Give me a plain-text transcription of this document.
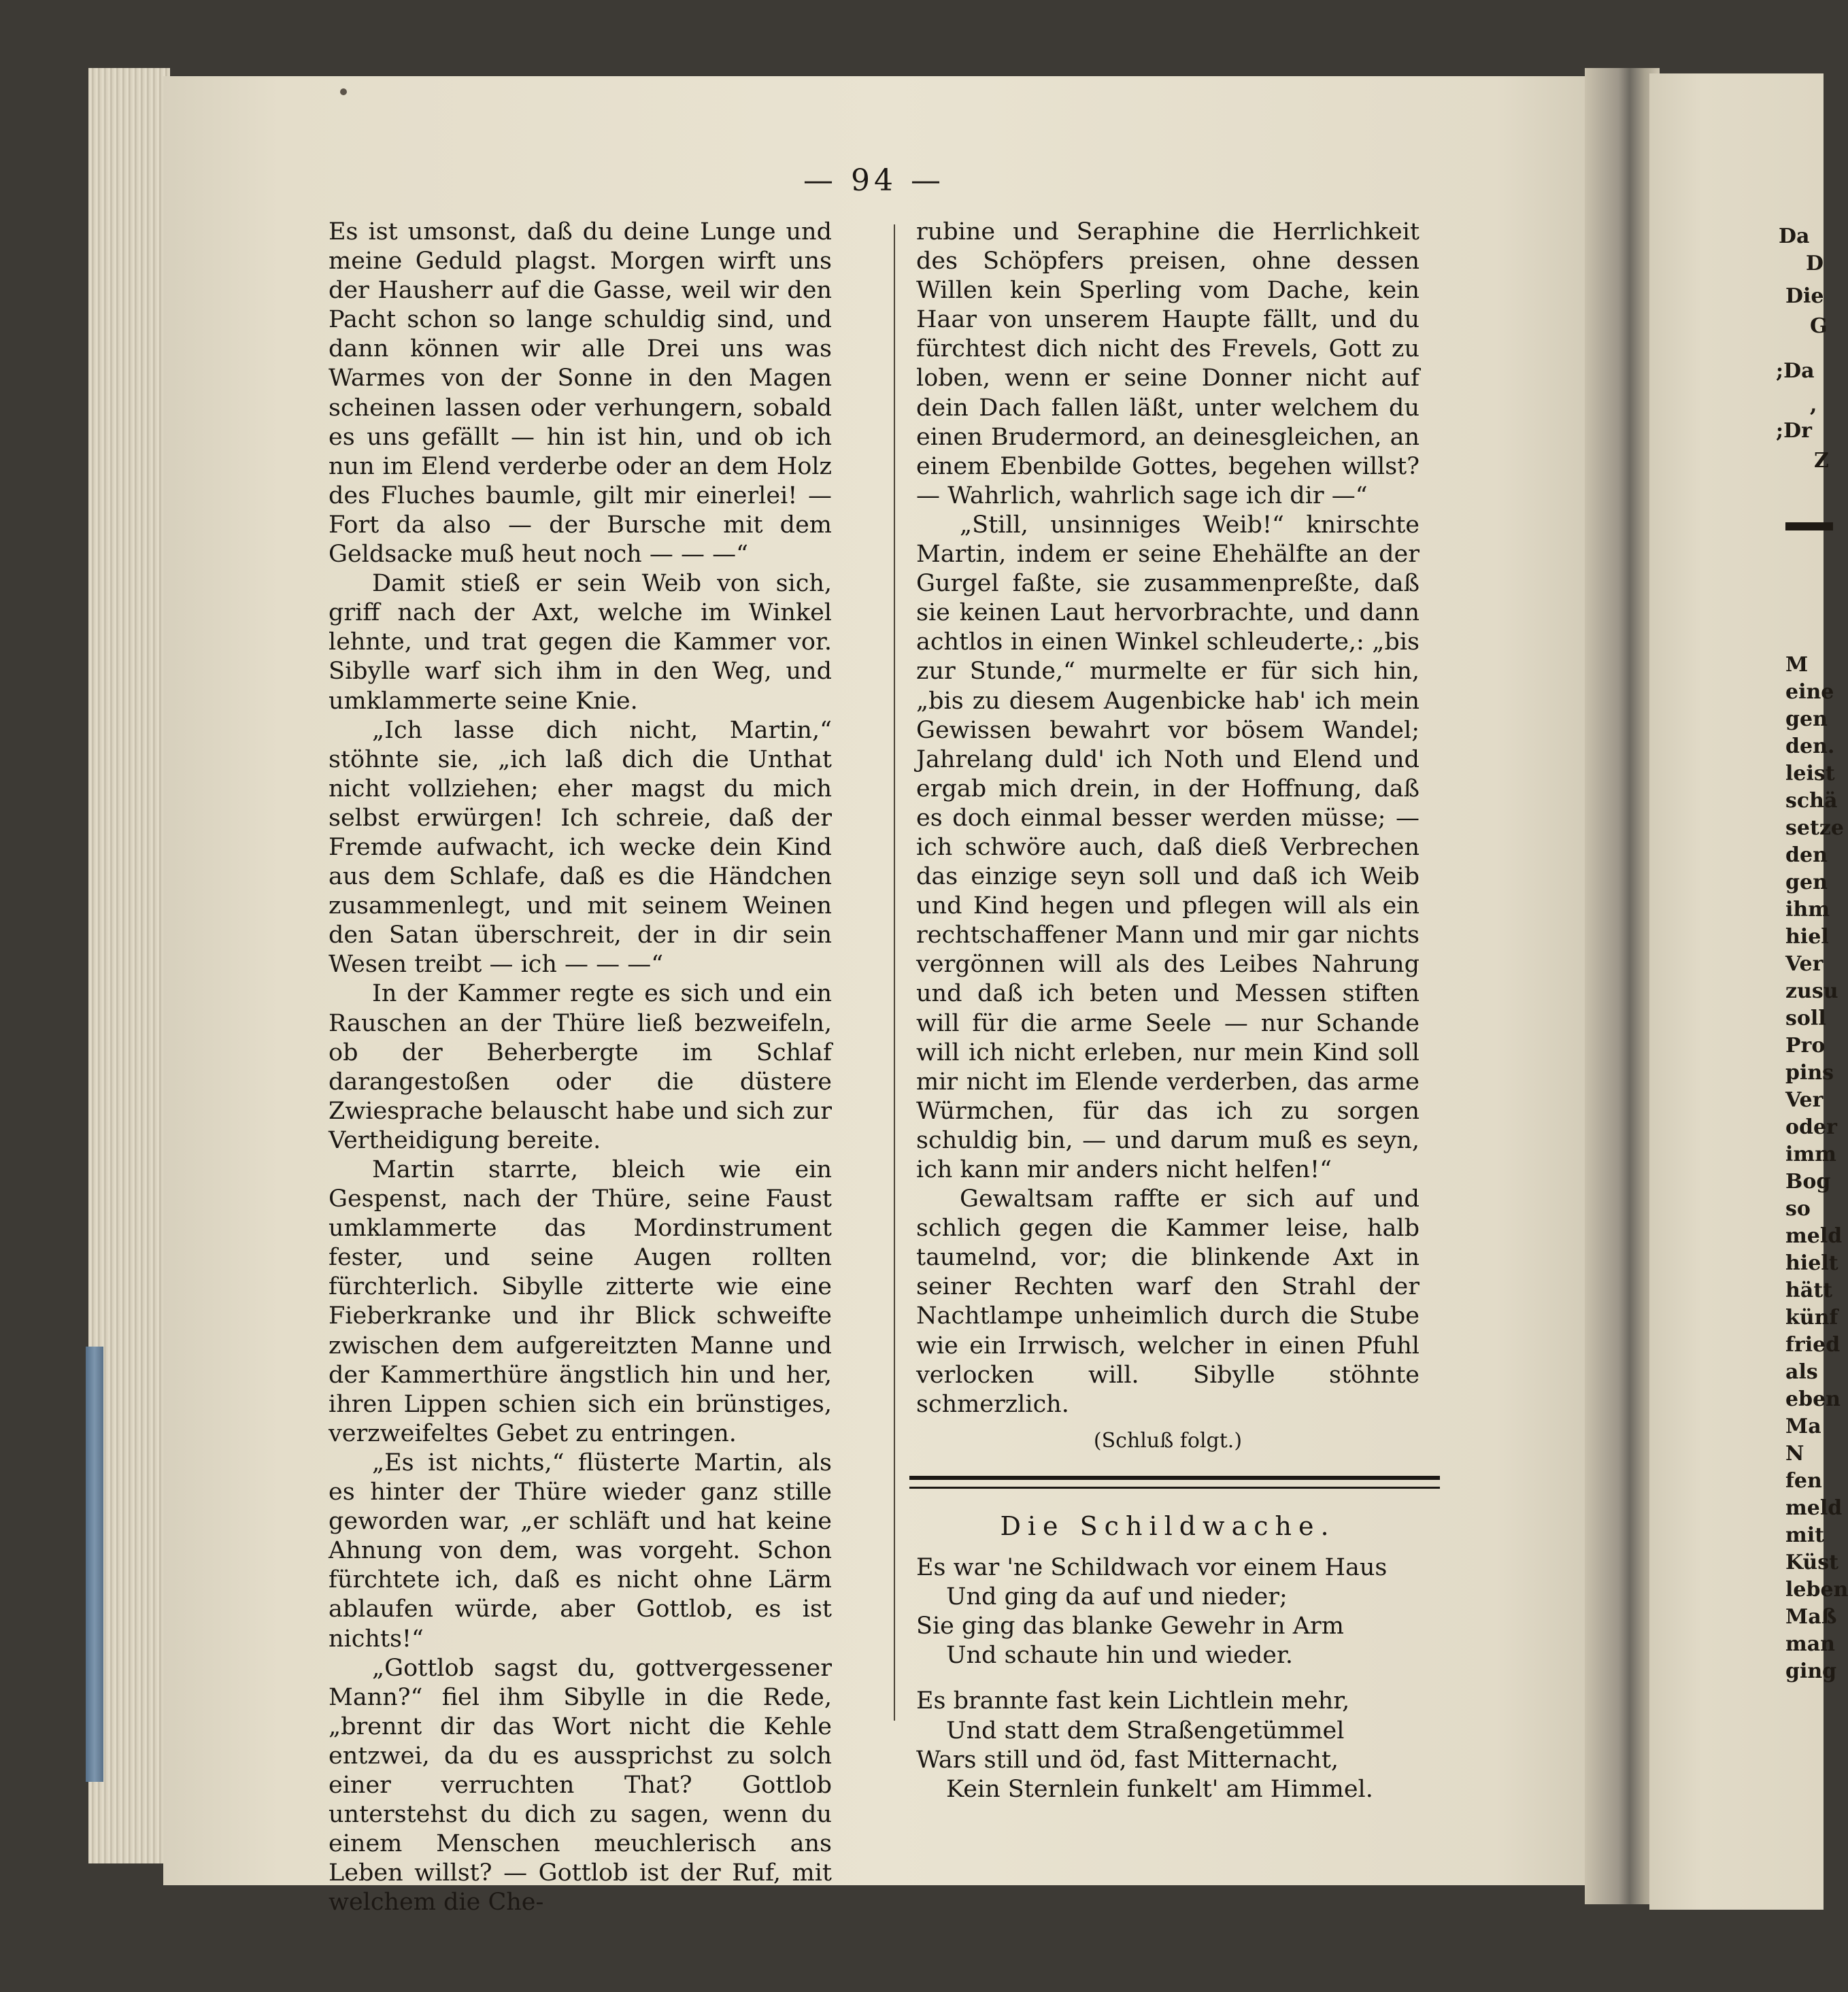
Da
D
Die
G
;Da
,
;Dr
Z
M
eine
gen
den.
leist
schä
setze
den
gen
ihm
hiel
Ver
zusu
soll
Pro
pins
Ver
oder
imm
Bog
so
meld
hielt
hätt
künf
fried
als
eben
Ma
N
fen
meld
mit
Küst
leben
Maß
man
ging
— 94 —

Es ist umsonst, daß du deine Lunge und meine Geduld plagst. Morgen wirft uns der Hausherr auf die Gasse, weil wir den Pacht schon so lange schuldig sind, und dann können wir alle Drei uns was Warmes von der Sonne in den Magen scheinen lassen oder verhungern, sobald es uns gefällt — hin ist hin, und ob ich nun im Elend verderbe oder an dem Holz des Fluches baumle, gilt mir einerlei! — Fort da also — der Bursche mit dem Geldsacke muß heut noch — — —“

Damit stieß er sein Weib von sich, griff nach der Axt, welche im Winkel lehnte, und trat gegen die Kammer vor. Sibylle warf sich ihm in den Weg, und umklammerte seine Knie.

„Ich lasse dich nicht, Martin,“ stöhnte sie, „ich laß dich die Unthat nicht vollziehen; eher magst du mich selbst erwürgen! Ich schreie, daß der Fremde aufwacht, ich wecke dein Kind aus dem Schlafe, daß es die Händchen zusammenlegt, und mit seinem Weinen den Satan überschreit, der in dir sein Wesen treibt — ich — — —“

In der Kammer regte es sich und ein Rauschen an der Thüre ließ bezweifeln, ob der Beherbergte im Schlaf darangestoßen oder die düstere Zwiesprache belauscht habe und sich zur Vertheidigung bereite.

Martin starrte, bleich wie ein Gespenst, nach der Thüre, seine Faust umklammerte das Mordinstrument fester, und seine Augen rollten fürchterlich. Sibylle zitterte wie eine Fieberkranke und ihr Blick schweifte zwischen dem aufgereitzten Manne und der Kammerthüre ängstlich hin und her, ihren Lippen schien sich ein brünstiges, verzweifeltes Gebet zu entringen.

„Es ist nichts,“ flüsterte Martin, als es hinter der Thüre wieder ganz stille geworden war, „er schläft und hat keine Ahnung von dem, was vorgeht. Schon fürchtete ich, daß es nicht ohne Lärm ablaufen würde, aber Gottlob, es ist nichts!“

„Gottlob sagst du, gottvergessener Mann?“ fiel ihm Sibylle in die Rede, „brennt dir das Wort nicht die Kehle entzwei, da du es aussprichst zu solch einer verruchten That? Gottlob unterstehst du dich zu sagen, wenn du einem Menschen meuchlerisch ans Leben willst? — Gottlob ist der Ruf, mit welchem die Che-

rubine und Seraphine die Herrlichkeit des Schöpfers preisen, ohne dessen Willen kein Sperling vom Dache, kein Haar von unserem Haupte fällt, und du fürchtest dich nicht des Frevels, Gott zu loben, wenn er seine Donner nicht auf dein Dach fallen läßt, unter welchem du einen Brudermord, an deinesgleichen, an einem Ebenbilde Gottes, begehen willst? — Wahrlich, wahrlich sage ich dir —“

„Still, unsinniges Weib!“ knirschte Martin, indem er seine Ehehälfte an der Gurgel faßte, sie zusammenpreßte, daß sie keinen Laut hervorbrachte, und dann achtlos in einen Winkel schleuderte,: „bis zur Stunde,“ murmelte er für sich hin, „bis zu diesem Augenbicke hab' ich mein Gewissen bewahrt vor bösem Wandel; Jahrelang duld' ich Noth und Elend und ergab mich drein, in der Hoffnung, daß es doch einmal besser werden müsse; — ich schwöre auch, daß dieß Verbrechen das einzige seyn soll und daß ich Weib und Kind hegen und pflegen will als ein rechtschaffener Mann und mir gar nichts vergönnen will als des Leibes Nahrung und daß ich beten und Messen stiften will für die arme Seele — nur Schande will ich nicht erleben, nur mein Kind soll mir nicht im Elende verderben, das arme Würmchen, für das ich zu sorgen schuldig bin, — und darum muß es seyn, ich kann mir anders nicht helfen!“

Gewaltsam raffte er sich auf und schlich gegen die Kammer leise, halb taumelnd, vor; die blinkende Axt in seiner Rechten warf den Strahl der Nachtlampe unheimlich durch die Stube wie ein Irrwisch, welcher in einen Pfuhl verlocken will. Sibylle stöhnte schmerzlich.

(Schluß folgt.)

Die Schildwache.

Es war 'ne Schildwach vor einem Haus

Und ging da auf und nieder;

Sie ging das blanke Gewehr in Arm

Und schaute hin und wieder.

Es brannte fast kein Lichtlein mehr,

Und statt dem Straßengetümmel

Wars still und öd, fast Mitternacht,

Kein Sternlein funkelt' am Himmel.
